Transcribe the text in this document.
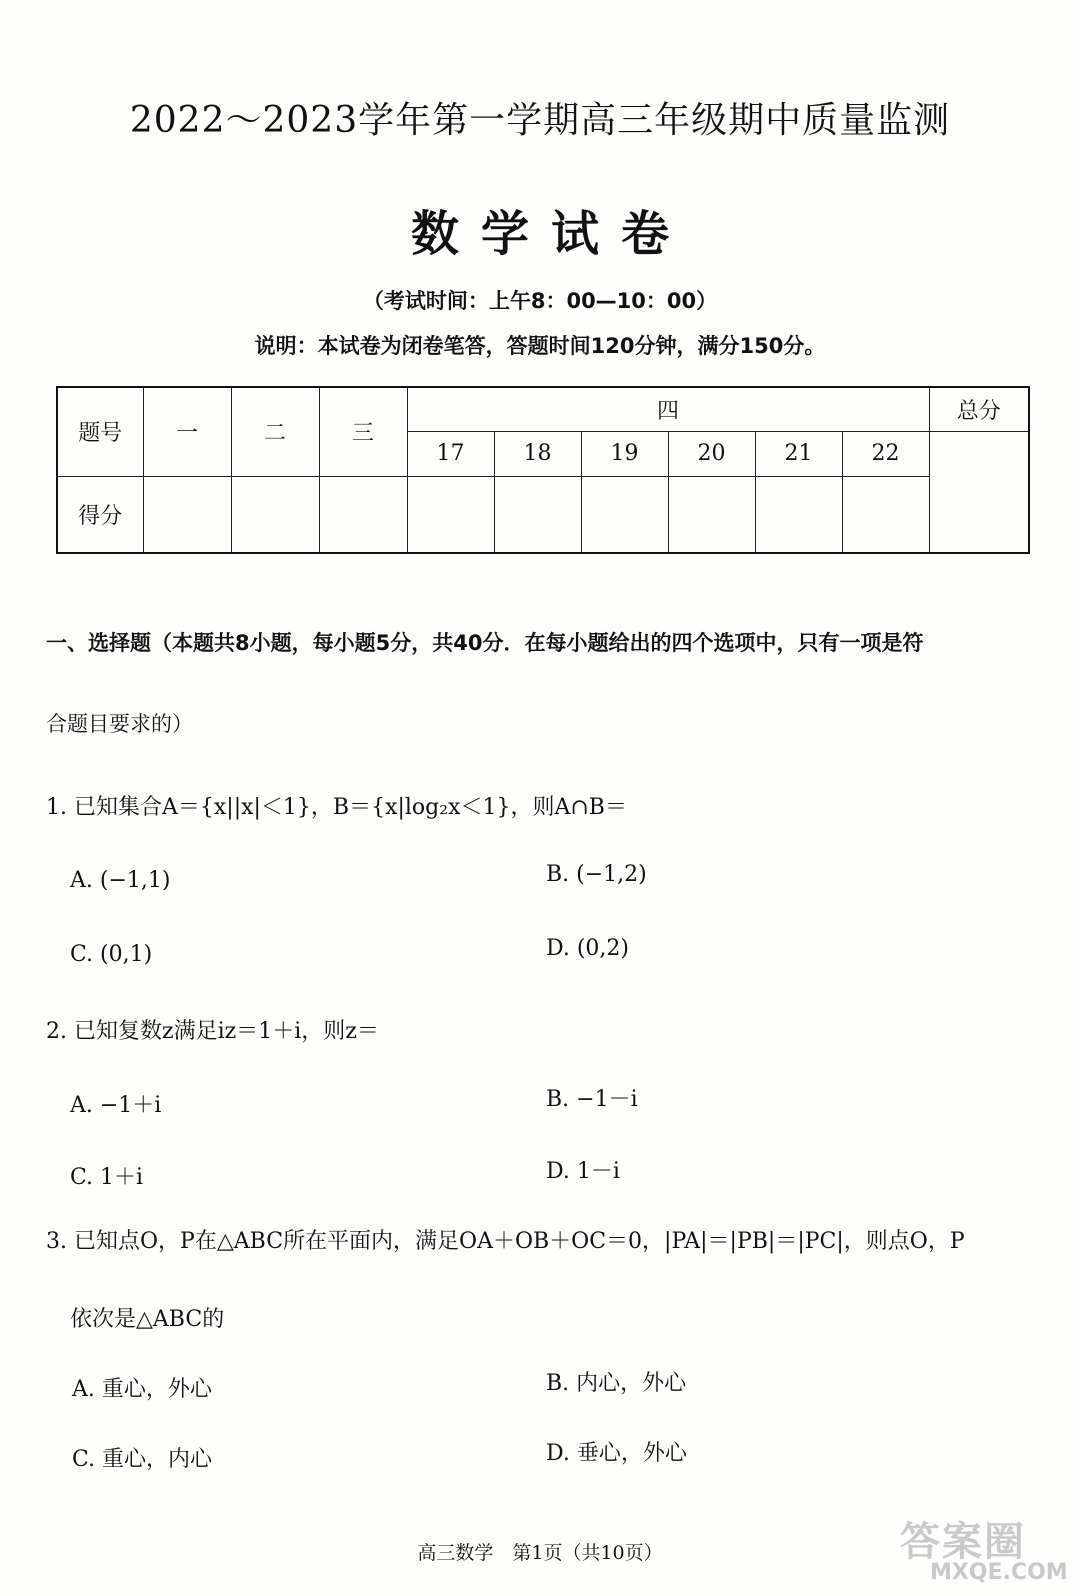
2022～2023学年第一学期高三年级期中质量监测
数学试卷
（考试时间：上午8：00—10：00）
说明：本试卷为闭卷笔答，答题时间120分钟，满分150分。
题号	一	二	三	四						总分
				17	18	19	20	21	22	
得分										
一、选择题（本题共8小题，每小题5分，共40分．在每小题给出的四个选项中，只有一项是符
合题目要求的）
1. 已知集合A＝{x||x|＜1}，B＝{x|log₂x＜1}，则A∩B＝
A. (−1,1)	B. (−1,2)
C. (0,1)	D. (0,2)
2. 已知复数z满足iz＝1＋i，则z＝
A. −1＋i	B. −1－i
C. 1＋i	D. 1－i
3. 已知点O，P在△ABC所在平面内，满足OA＋OB＋OC＝0，|PA|＝|PB|＝|PC|，则点O，P
依次是△ABC的
A. 重心，外心	B. 内心，外心
C. 重心，内心	D. 垂心，外心
高三数学　第1页（共10页）	答案圈
MXQE.COM
